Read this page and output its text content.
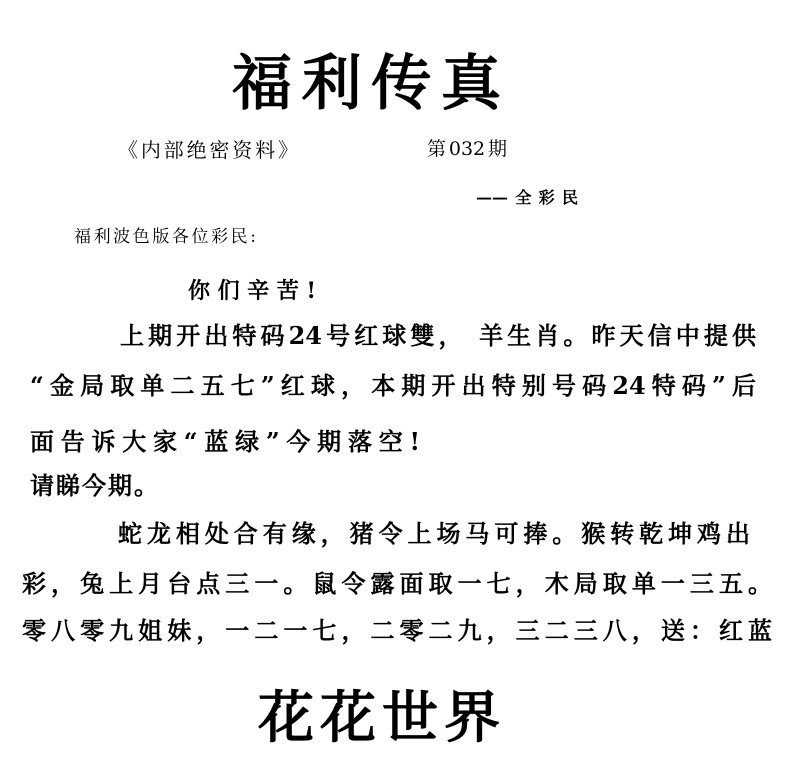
福利传真
《内部绝密资料》	第032期
——全彩民
福利波色版各位彩民:
你们辛苦!
上期开出特码24号红球雙， 羊生肖。昨天信中提供
“金局取单二五七”红球，本期开出特别号码24特码”后
面告诉大家“蓝绿”今期落空!
请睇今期。
蛇龙相处合有缘，猪令上场马可捧。猴转乾坤鸡出
彩，兔上月台点三一。鼠令露面取一七，木局取单一三五。
零八零九姐妹，一二一七，二零二九，三二三八，送：红蓝
花花世界
